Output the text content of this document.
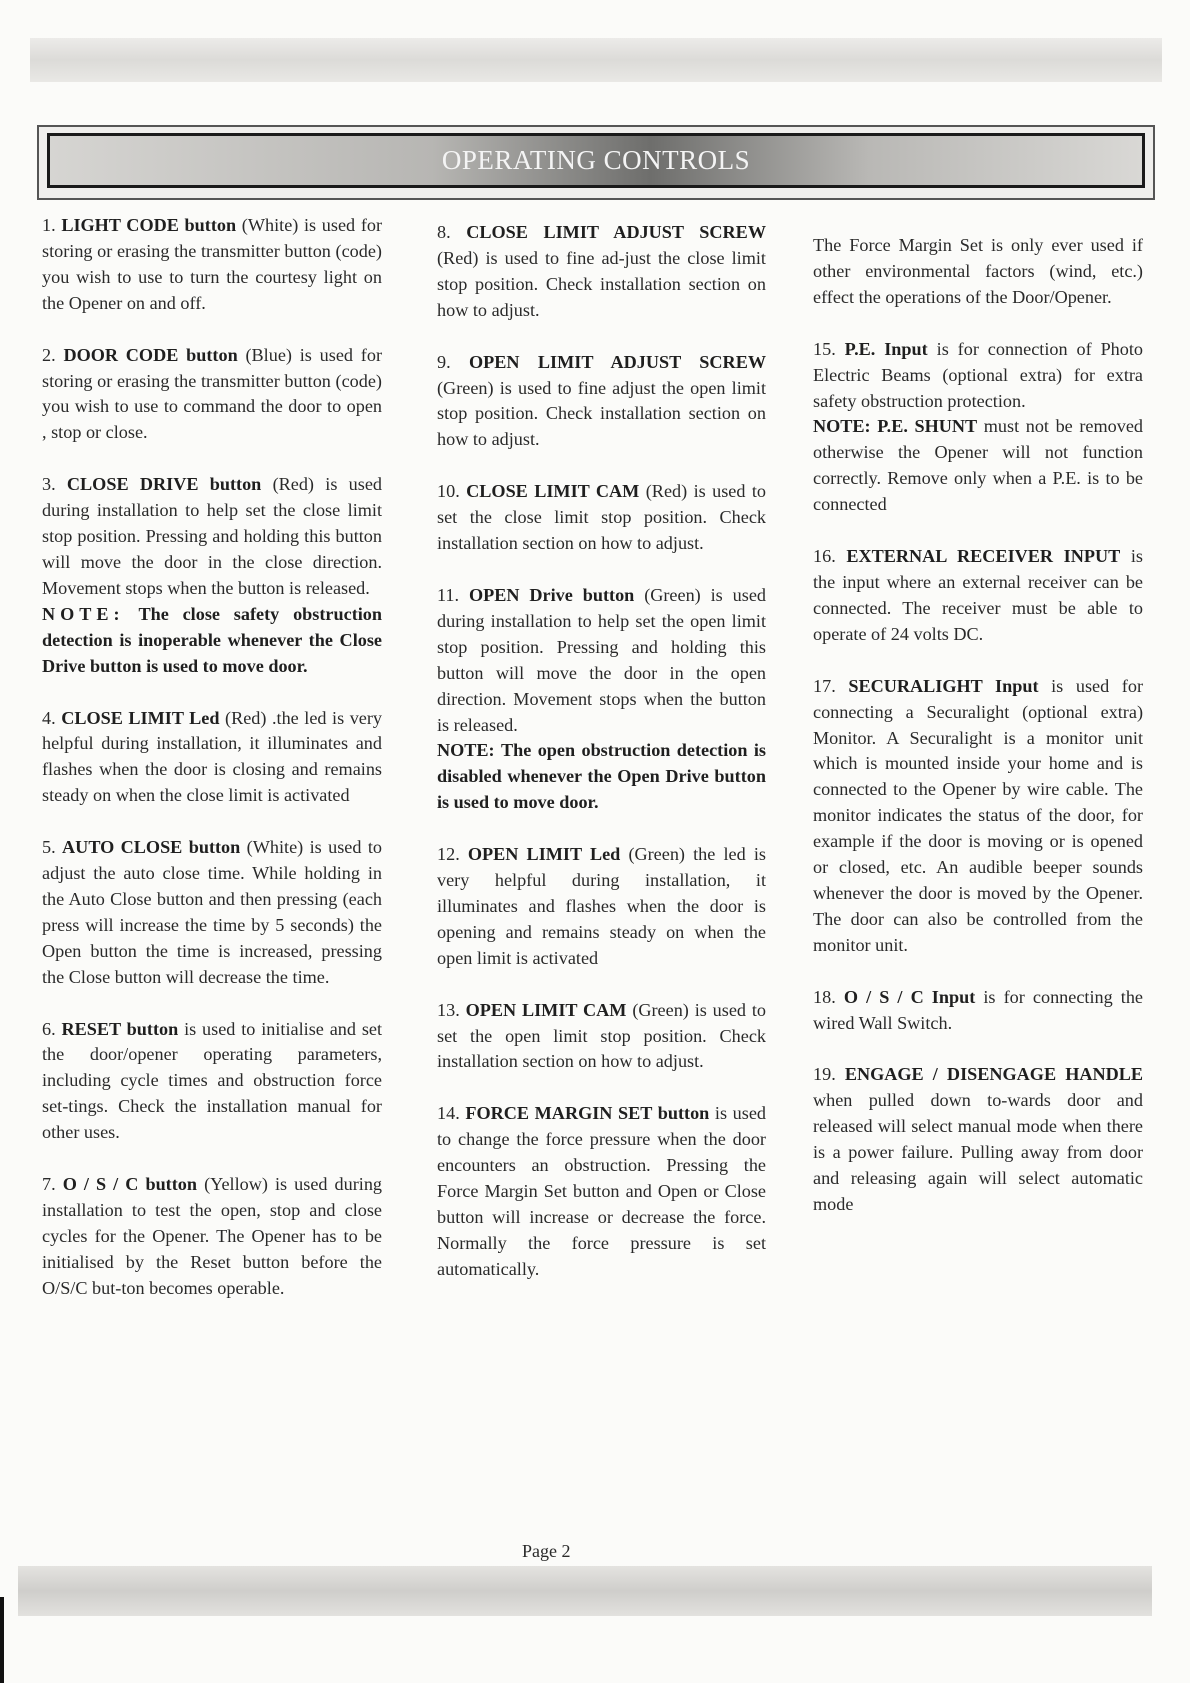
OPERATING CONTROLS

1. LIGHT CODE button (White) is used for storing or erasing the transmitter button (code) you wish to use to turn the courtesy light on the Opener on and off.

2. DOOR CODE button (Blue) is used for storing or erasing the transmitter button (code) you wish to use to command the door to open , stop or close.

3. CLOSE DRIVE button (Red) is used during installation to help set the close limit stop position. Pressing and holding this button will move the door in the close direction. Movement stops when the button is released.
NOTE: The close safety obstruction detection is inoperable whenever the Close Drive button is used to move door.

4. CLOSE LIMIT Led (Red) .the led is very helpful during installation, it illuminates and flashes when the door is closing and remains steady on when the close limit is activated

5. AUTO CLOSE button (White) is used to adjust the auto close time. While holding in the Auto Close button and then pressing (each press will increase the time by 5 seconds) the Open button the time is increased, pressing the Close button will decrease the time.

6. RESET button is used to initialise and set the door/opener operating parameters, including cycle times and obstruction force set-tings. Check the installation manual for other uses.

7. O / S / C button (Yellow) is used during installation to test the open, stop and close cycles for the Opener. The Opener has to be initialised by the Reset button before the O/S/C but-ton becomes operable.

8. CLOSE LIMIT ADJUST SCREW (Red) is used to fine ad-just the close limit stop position. Check installation section on how to adjust.

9. OPEN LIMIT ADJUST SCREW (Green) is used to fine adjust the open limit stop position. Check installation section on how to adjust.

10. CLOSE LIMIT CAM (Red) is used to set the close limit stop position. Check installation section on how to adjust.

11. OPEN Drive button (Green) is used during installation to help set the open limit stop position. Pressing and holding this button will move the door in the open direction. Movement stops when the button is released.
NOTE: The open obstruction detection is disabled whenever the Open Drive button is used to move door.

12. OPEN LIMIT Led (Green) the led is very helpful during installation, it illuminates and flashes when the door is opening and remains steady on when the open limit is activated

13. OPEN LIMIT CAM (Green) is used to set the open limit stop position. Check installation section on how to adjust.

14. FORCE MARGIN SET button is used to change the force pressure when the door encounters an obstruction. Pressing the Force Margin Set button and Open or Close button will increase or decrease the force. Normally the force pressure is set automatically.

The Force Margin Set is only ever used if other environmental factors (wind, etc.) effect the operations of the Door/Opener.

15. P.E. Input is for connection of Photo Electric Beams (optional extra) for extra safety obstruction protection.
NOTE: P.E. SHUNT must not be removed otherwise the Opener will not function correctly. Remove only when a P.E. is to be connected

16. EXTERNAL RECEIVER INPUT is the input where an external receiver can be connected. The receiver must be able to operate of 24 volts DC.

17. SECURALIGHT Input is used for connecting a Securalight (optional extra) Monitor. A Securalight is a monitor unit which is mounted inside your home and is connected to the Opener by wire cable. The monitor indicates the status of the door, for example if the door is moving or is opened or closed, etc. An audible beeper sounds whenever the door is moved by the Opener. The door can also be controlled from the monitor unit.

18. O / S / C Input is for connecting the wired Wall Switch.

19. ENGAGE / DISENGAGE HANDLE when pulled down to-wards door and released will select manual mode when there is a power failure. Pulling away from door and releasing again will select automatic mode

Page 2
